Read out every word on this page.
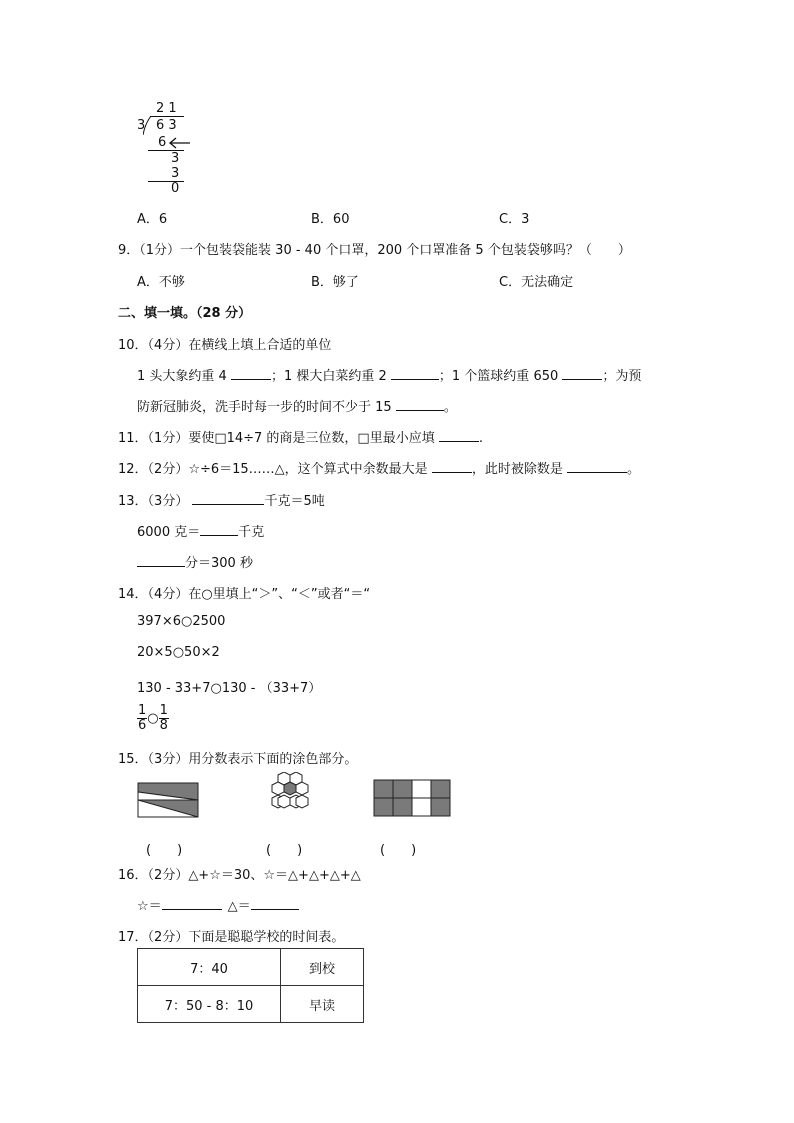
2 1
3 6 3
6
3
3
0
A．6	B．60	C．3
9．（1分）一个包装袋能装 30 - 40 个口罩，200 个口罩准备 5 个包装袋够吗？（　　）
A．不够	B．够了	C．无法确定
二、填一填。（28 分）
10．（4分）在横线上填上合适的单位
1 头大象约重 4	；1 棵大白菜约重 2	；1 个篮球约重 650	；为预
防新冠肺炎，洗手时每一步的时间不少于 15	。
11．（1分）要使□14÷7 的商是三位数，□里最小应填	.
12．（2分）☆÷6＝15……△，这个算式中余数最大是	，此时被除数是	。
13．（3分）	千克＝5吨
6000 克＝	千克
分＝300 秒
14．（4分）在○里填上“＞”、“＜”或者“＝“
397×6○2500
20×5○50×2
130 - 33+7○130 - （33+7）
$\frac{1}{6}$ ○ $\frac{1}{8}$
15．（3分）用分数表示下面的涂色部分。
(　　)	(　　)	(　　)
16．（2分）△+☆＝30、☆＝△+△+△+△
☆＝	△＝
17．（2分）下面是聪聪学校的时间表。
7：40	到校
7：50 - 8：10	早读
